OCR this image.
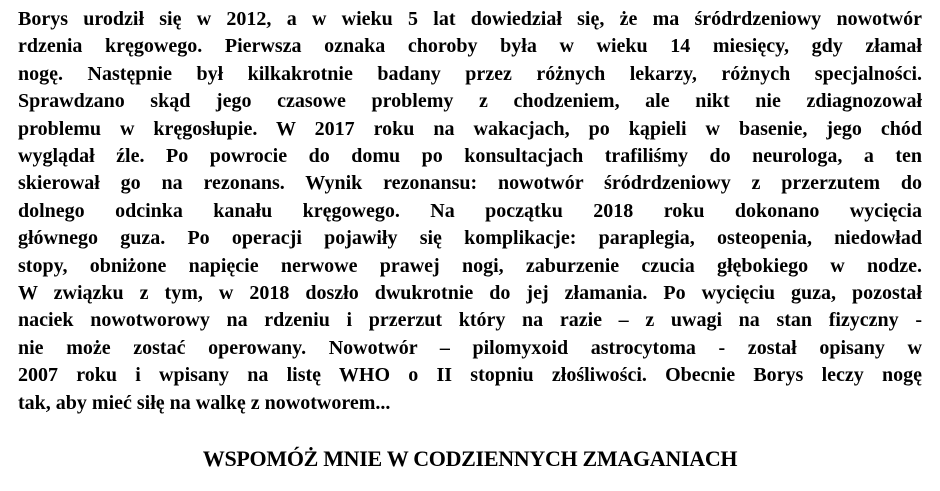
Borys urodził się w 2012, a w wieku 5 lat dowiedział się, że ma śródrdzeniowy nowotwór
rdzenia kręgowego. Pierwsza oznaka choroby była w wieku 14 miesięcy, gdy złamał
nogę. Następnie był kilkakrotnie badany przez różnych lekarzy, różnych specjalności.
Sprawdzano skąd jego czasowe problemy z chodzeniem, ale nikt nie zdiagnozował
problemu w kręgosłupie. W 2017 roku na wakacjach, po kąpieli w basenie, jego chód
wyglądał źle. Po powrocie do domu po konsultacjach trafiliśmy do neurologa, a ten
skierował go na rezonans. Wynik rezonansu: nowotwór śródrdzeniowy z przerzutem do
dolnego odcinka kanału kręgowego. Na początku 2018 roku dokonano wycięcia
głównego guza. Po operacji pojawiły się komplikacje: paraplegia, osteopenia, niedowład
stopy, obniżone napięcie nerwowe prawej nogi, zaburzenie czucia głębokiego w nodze.
W związku z tym, w 2018 doszło dwukrotnie do jej złamania. Po wycięciu guza, pozostał
naciek nowotworowy na rdzeniu i przerzut który na razie – z uwagi na stan fizyczny -
nie może zostać operowany. Nowotwór – pilomyxoid astrocytoma - został opisany w
2007 roku i wpisany na listę WHO o II stopniu złośliwości. Obecnie Borys leczy nogę
tak, aby mieć siłę na walkę z nowotworem...
WSPOMÓŻ MNIE W CODZIENNYCH ZMAGANIACH
